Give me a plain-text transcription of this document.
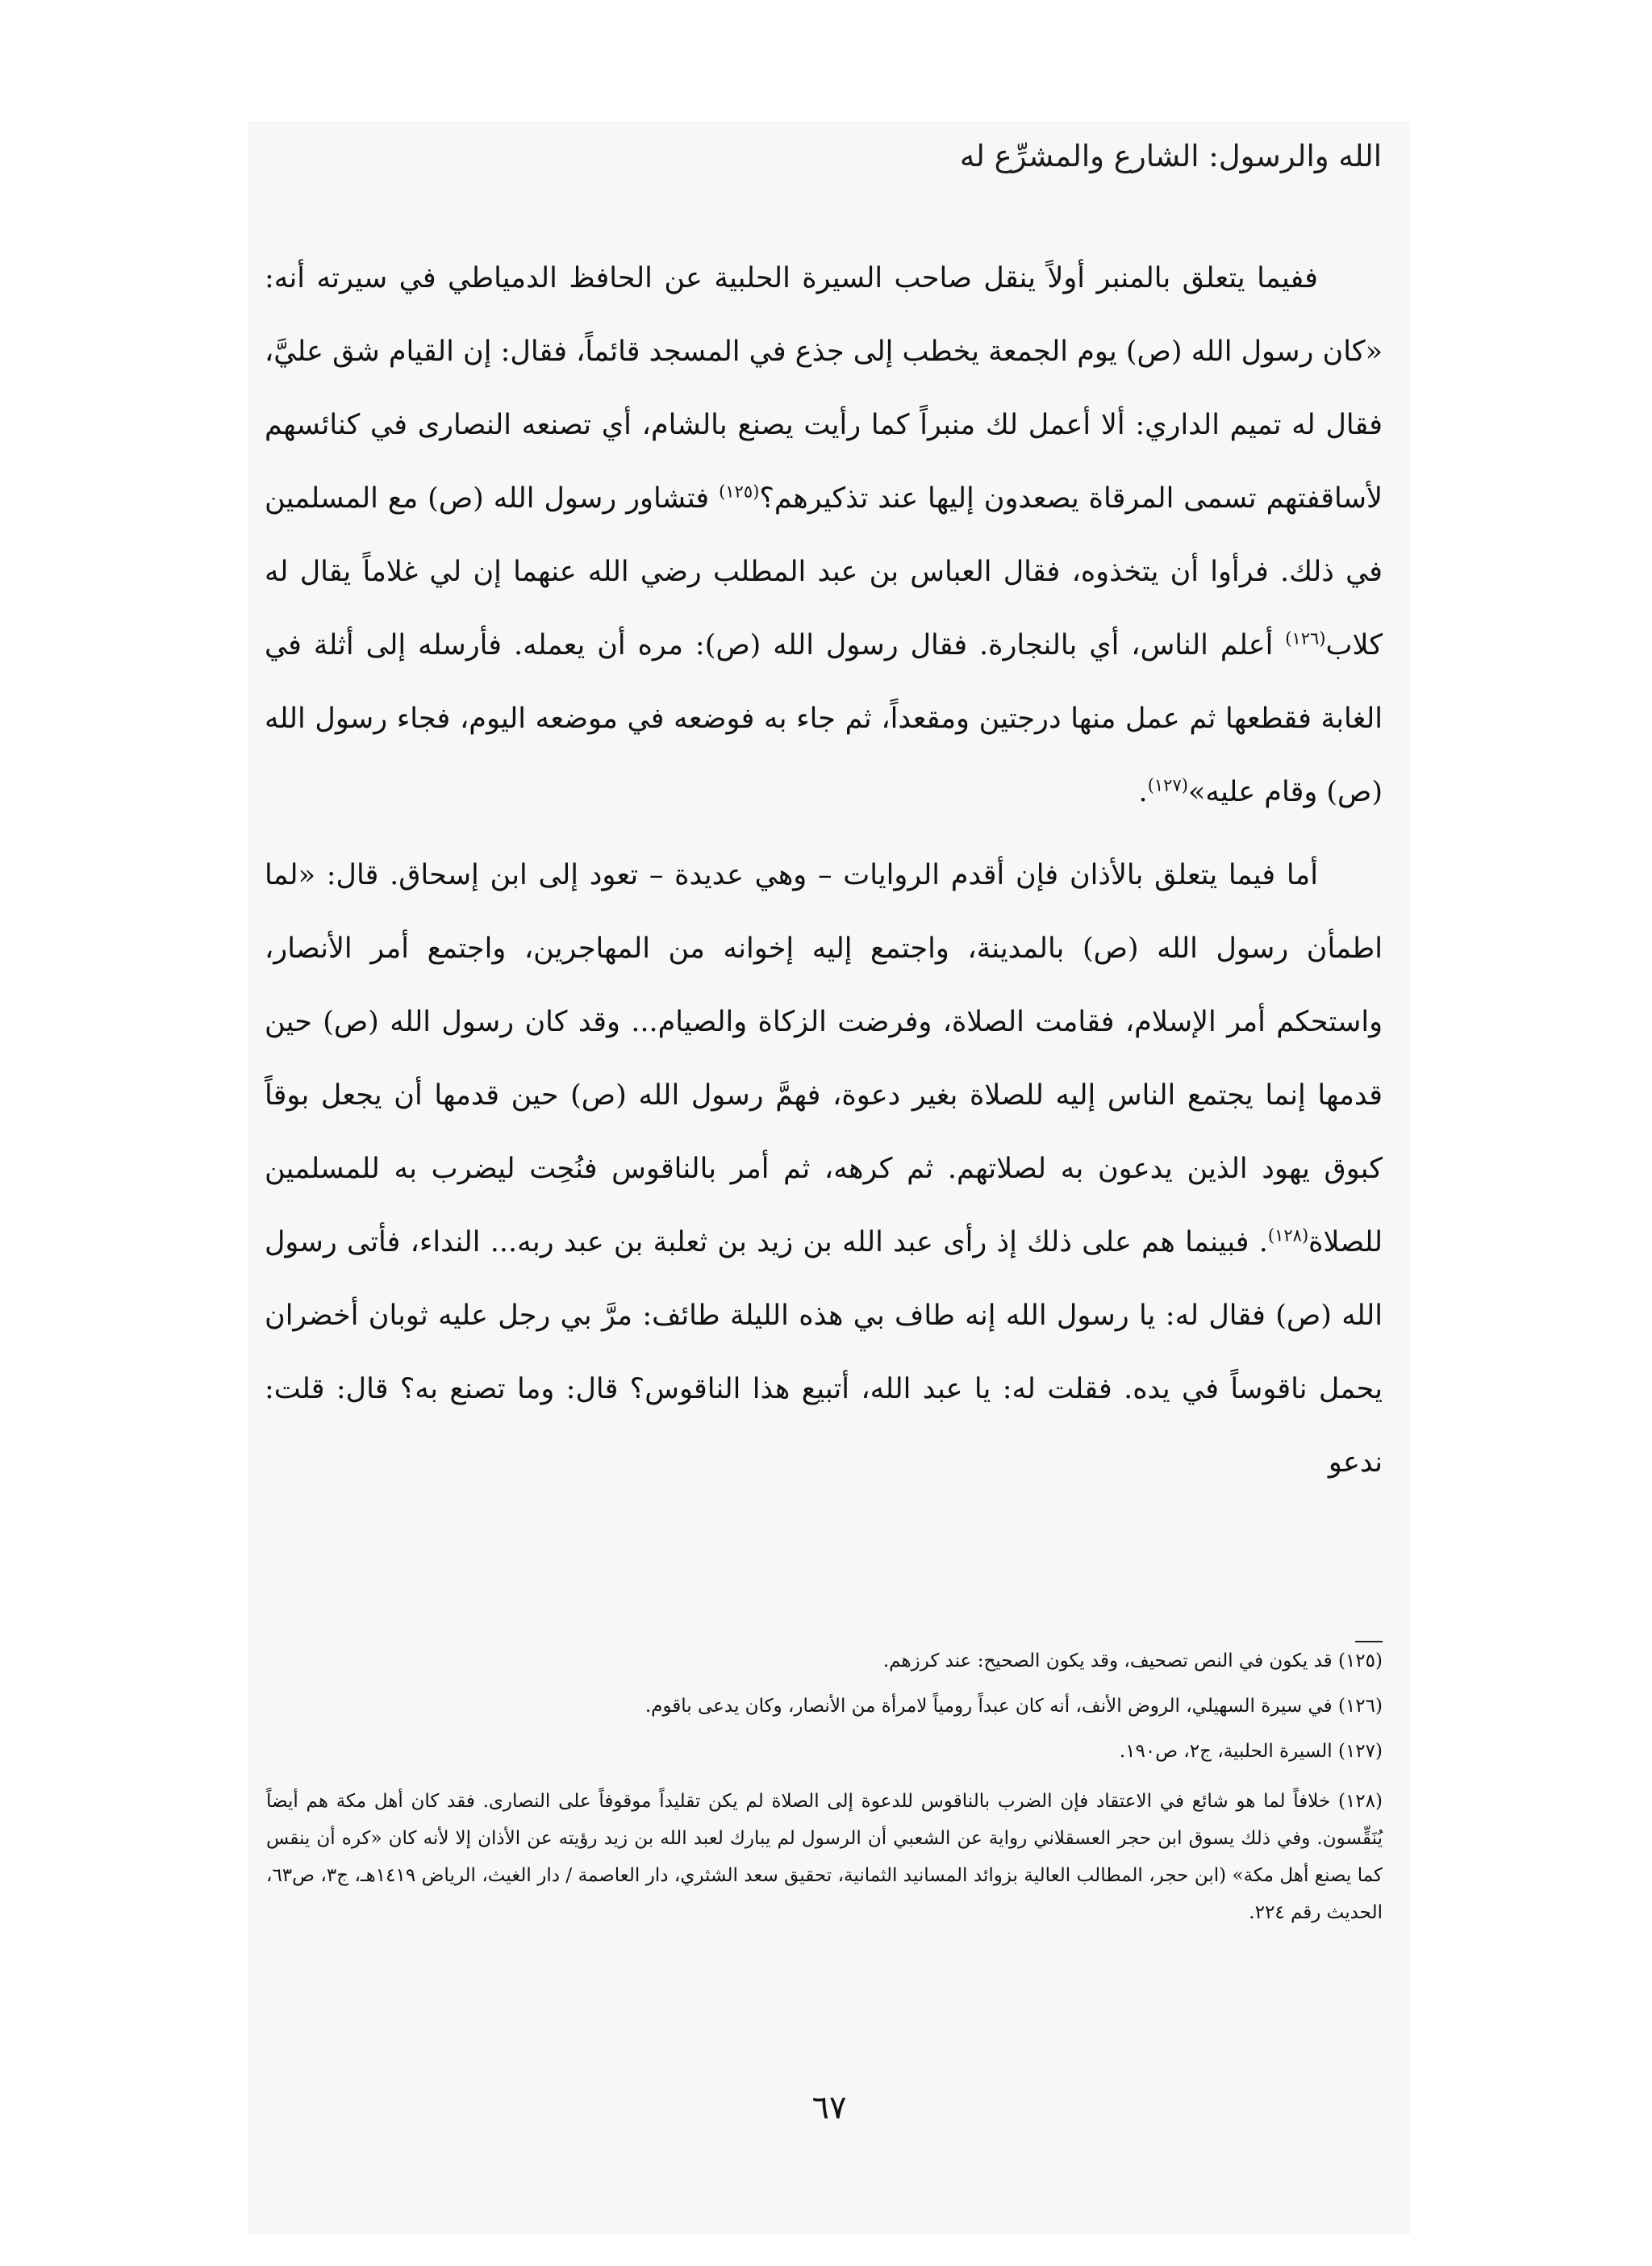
الله والرسول: الشارع والمشرِّع له

ففيما يتعلق بالمنبر أولاً ينقل صاحب السيرة الحلبية عن الحافظ الدمياطي في سيرته أنه: «كان رسول الله (ص) يوم الجمعة يخطب إلى جذع في المسجد قائماً، فقال: إن القيام شق عليَّ، فقال له تميم الداري: ألا أعمل لك منبراً كما رأيت يصنع بالشام، أي تصنعه النصارى في كنائسهم لأساقفتهم تسمى المرقاة يصعدون إليها عند تذكيرهم؟$^{(١٢٥)}$ فتشاور رسول الله (ص) مع المسلمين في ذلك. فرأوا أن يتخذوه، فقال العباس بن عبد المطلب رضي الله عنهما إن لي غلاماً يقال له كلاب$^{(١٢٦)}$ أعلم الناس، أي بالنجارة. فقال رسول الله (ص): مره أن يعمله. فأرسله إلى أثلة في الغابة فقطعها ثم عمل منها درجتين ومقعداً، ثم جاء به فوضعه في موضعه اليوم، فجاء رسول الله (ص) وقام عليه»$^{(١٢٧)}$.

أما فيما يتعلق بالأذان فإن أقدم الروايات – وهي عديدة – تعود إلى ابن إسحاق. قال: «لما اطمأن رسول الله (ص) بالمدينة، واجتمع إليه إخوانه من المهاجرين، واجتمع أمر الأنصار، واستحكم أمر الإسلام، فقامت الصلاة، وفرضت الزكاة والصيام... وقد كان رسول الله (ص) حين قدمها إنما يجتمع الناس إليه للصلاة بغير دعوة، فهمَّ رسول الله (ص) حين قدمها أن يجعل بوقاً كبوق يهود الذين يدعون به لصلاتهم. ثم كرهه، ثم أمر بالناقوس فنُحِت ليضرب به للمسلمين للصلاة$^{(١٢٨)}$. فبينما هم على ذلك إذ رأى عبد الله بن زيد بن ثعلبة بن عبد ربه... النداء، فأتى رسول الله (ص) فقال له: يا رسول الله إنه طاف بي هذه الليلة طائف: مرَّ بي رجل عليه ثوبان أخضران يحمل ناقوساً في يده. فقلت له: يا عبد الله، أتبيع هذا الناقوس؟ قال: وما تصنع به؟ قال: قلت: ندعو

(١٢٥) قد يكون في النص تصحيف، وقد يكون الصحيح: عند كرزهم.

(١٢٦) في سيرة السهيلي، الروض الأنف، أنه كان عبداً رومياً لامرأة من الأنصار، وكان يدعى باقوم.

(١٢٧) السيرة الحلبية، ج٢، ص١٩٠.

(١٢٨) خلافاً لما هو شائع في الاعتقاد فإن الضرب بالناقوس للدعوة إلى الصلاة لم يكن تقليداً موقوفاً على النصارى. فقد كان أهل مكة هم أيضاً يُنَقِّسون. وفي ذلك يسوق ابن حجر العسقلاني رواية عن الشعبي أن الرسول لم يبارك لعبد الله بن زيد رؤيته عن الأذان إلا لأنه كان «كره أن ينقس كما يصنع أهل مكة» (ابن حجر، المطالب العالية بزوائد المسانيد الثمانية، تحقيق سعد الشثري، دار العاصمة / دار الغيث، الرياض ١٤١٩هـ، ج٣، ص٦٣، الحديث رقم ٢٢٤.

٦٧
